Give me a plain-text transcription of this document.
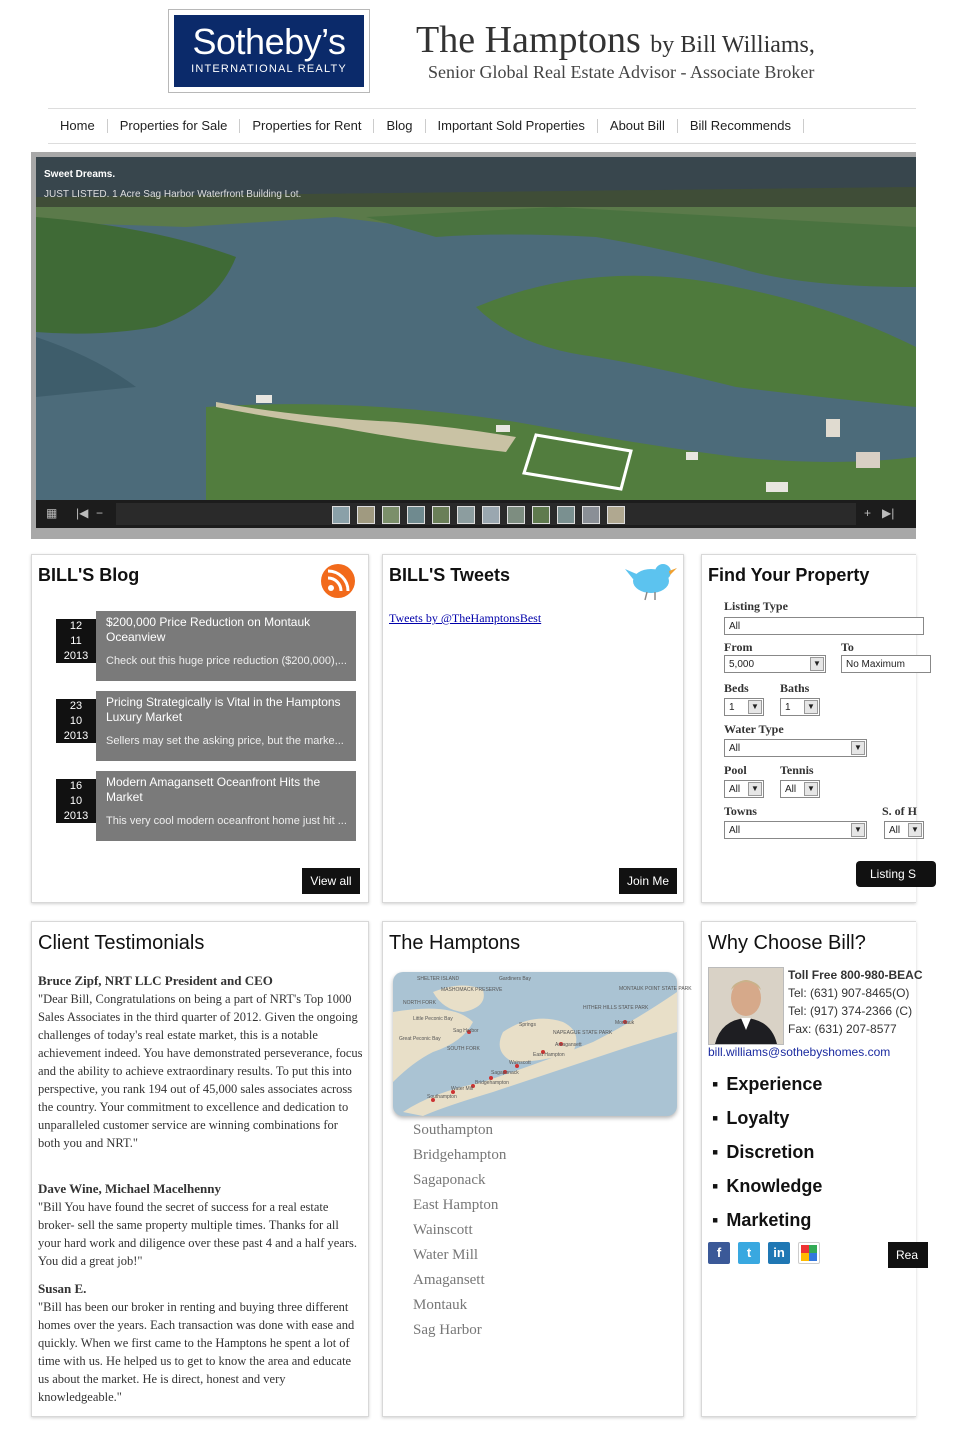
Sotheby’s
INTERNATIONAL REALTY
The Hamptons by Bill Williams,
Senior Global Real Estate Advisor - Associate Broker
Home	Properties for Sale	Properties for Rent	Blog	Important Sold Properties	About Bill	Bill Recommends
Sweet Dreams.
JUST LISTED. 1 Acre Sag Harbor Waterfront Building Lot.
▦ |◀ −	+ ▶|
BILL'S Blog
12
11
2013
$200,000 Price Reduction on Montauk Oceanview
Check out this huge price reduction ($200,000),...
23
10
2013
Pricing Strategically is Vital in the Hamptons Luxury Market
Sellers may set the asking price, but the marke...
16
10
2013
Modern Amagansett Oceanfront Hits the Market
This very cool modern oceanfront home just hit ...
View all
BILL'S Tweets
Tweets by @TheHamptonsBest
Join Me
Find Your Property
Listing Type
All
From	To
5,000	▼	No Maximum
Beds	Baths
1	▼	1	▼
Water Type
All	▼
Pool	Tennis
All	▼	All	▼
Towns	S. of H
All	▼	All	▼
Listing S
Client Testimonials
Bruce Zipf, NRT LLC President and CEO
"Dear Bill, Congratulations on being a part of NRT's Top 1000 Sales Associates in the third quarter of 2012. Given the ongoing challenges of today's real estate market, this is a notable achievement indeed. You have demonstrated perseverance, focus and the ability to achieve extraordinary results. To put this into perspective, you rank 194 out of 45,000 sales associates across the country. Your commitment to excellence and dedication to unparalleled customer service are winning combinations for both you and NRT."
Dave Wine, Michael Macelhenny
"Bill You have found the secret of success for a real estate broker- sell the same property multiple times. Thanks for all your hard work and diligence over these past 4 and a half years. You did a great job!"
Susan E.
"Bill has been our broker in renting and buying three different homes over the years. Each transaction was done with ease and quickly. When we first came to the Hamptons he spent a lot of time with us. He helped us to get to know the area and educate us about the market. He is direct, honest and very knowledgeable."
The Hamptons
SHELTER ISLAND
MASHOMACK PRESERVE
Gardiners Bay
NORTH FORK
Sag Harbor
Springs
HITHER HILLS STATE PARK
MONTAUK POINT STATE PARK
Montauk
Little Peconic Bay
Great Peconic Bay
NAPEAGUE STATE PARK
SOUTH FORK
East Hampton
Amagansett
Wainscott
Sagaponack
Bridgehampton
Water Mill
Southampton
Southampton
Bridgehampton
Sagaponack
East Hampton
Wainscott
Water Mill
Amagansett
Montauk
Sag Harbor
Why Choose Bill?
Toll Free 800-980-BEAC
Tel: (631) 907-8465(O)
Tel: (917) 374-2366 (C)
Fax: (631) 207-8577
bill.williams@sothebyshomes.com
▪ Experience
▪ Loyalty
▪ Discretion
▪ Knowledge
▪ Marketing
f	t	in	Rea
